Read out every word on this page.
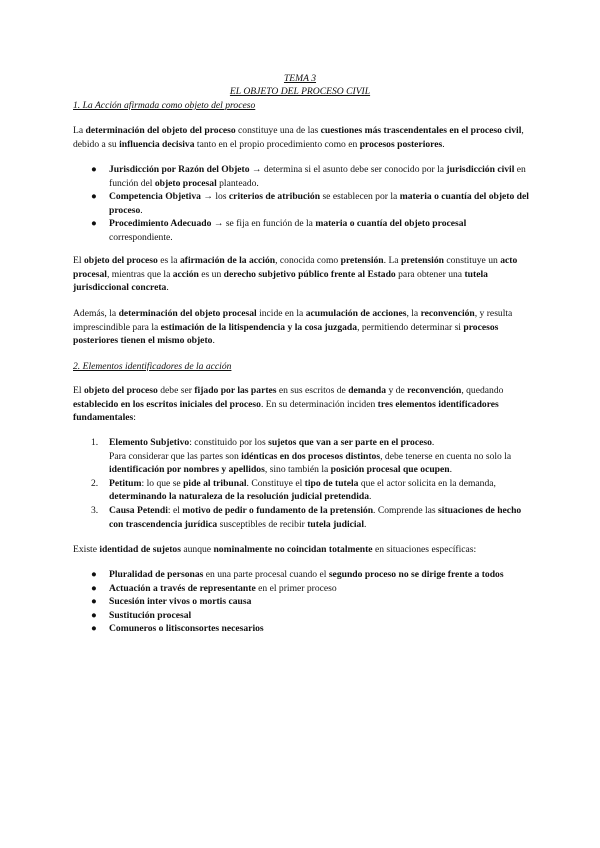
TEMA 3
EL OBJETO DEL PROCESO CIVIL
1. La Acción afirmada como objeto del proceso
La determinación del objeto del proceso constituye una de las cuestiones más trascendentales en el proceso civil, debido a su influencia decisiva tanto en el propio procedimiento como en procesos posteriores.
● Jurisdicción por Razón del Objeto → determina si el asunto debe ser conocido por la jurisdicción civil en función del objeto procesal planteado.
● Competencia Objetiva → los criterios de atribución se establecen por la materia o cuantía del objeto del proceso.
● Procedimiento Adecuado → se fija en función de la materia o cuantía del objeto procesal correspondiente.
El objeto del proceso es la afirmación de la acción, conocida como pretensión. La pretensión constituye un acto procesal, mientras que la acción es un derecho subjetivo público frente al Estado para obtener una tutela jurisdiccional concreta.
Además, la determinación del objeto procesal incide en la acumulación de acciones, la reconvención, y resulta imprescindible para la estimación de la litispendencia y la cosa juzgada, permitiendo determinar si procesos posteriores tienen el mismo objeto.
2. Elementos identificadores de la acción
El objeto del proceso debe ser fijado por las partes en sus escritos de demanda y de reconvención, quedando establecido en los escritos iniciales del proceso. En su determinación inciden tres elementos identificadores fundamentales:
1. Elemento Subjetivo: constituido por los sujetos que van a ser parte en el proceso.
Para considerar que las partes son idénticas en dos procesos distintos, debe tenerse en cuenta no solo la identificación por nombres y apellidos, sino también la posición procesal que ocupen.
2. Petitum: lo que se pide al tribunal. Constituye el tipo de tutela que el actor solicita en la demanda, determinando la naturaleza de la resolución judicial pretendida.
3. Causa Petendi: el motivo de pedir o fundamento de la pretensión. Comprende las situaciones de hecho con trascendencia jurídica susceptibles de recibir tutela judicial.
Existe identidad de sujetos aunque nominalmente no coincidan totalmente en situaciones específicas:
● Pluralidad de personas en una parte procesal cuando el segundo proceso no se dirige frente a todos
● Actuación a través de representante en el primer proceso
● Sucesión inter vivos o mortis causa
● Sustitución procesal
● Comuneros o litisconsortes necesarios
